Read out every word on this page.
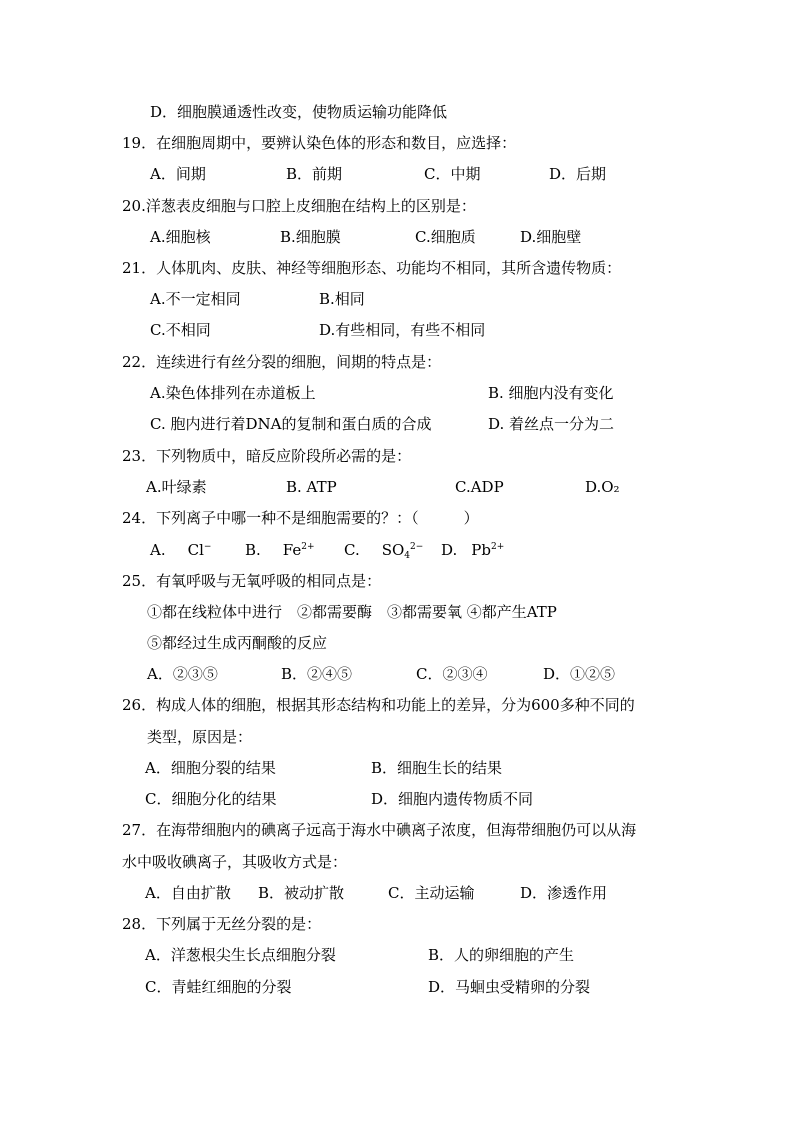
D．细胞膜通透性改变，使物质运输功能降低
19．在细胞周期中，要辨认染色体的形态和数目，应选择：
A．间期	B．前期	C．中期	D．后期
20.洋葱表皮细胞与口腔上皮细胞在结构上的区别是：
A.细胞核	B.细胞膜	C.细胞质	D.细胞壁
21．人体肌肉、皮肤、神经等细胞形态、功能均不相同，其所含遗传物质：
A.不一定相同	B.相同
C.不相同	D.有些相同，有些不相同
22．连续进行有丝分裂的细胞，间期的特点是：
A.染色体排列在赤道板上	B. 细胞内没有变化
C. 胞内进行着DNA的复制和蛋白质的合成	D. 着丝点一分为二
23．下列物质中，暗反应阶段所必需的是：
A.叶绿素	B. ATP	C.ADP	D.O₂
24．下列离子中哪一种不是细胞需要的？：（　　　）
A. Cl− B. $Fe^{2+}$ C. $SO_4^{2-}$ D. $Pb^{2+}$
25．有氧呼吸与无氧呼吸的相同点是：
①都在线粒体中进行　②都需要酶　③都需要氧 ④都产生ATP
⑤都经过生成丙酮酸的反应
A．②③⑤	B．②④⑤	C．②③④	D．①②⑤
26．构成人体的细胞，根据其形态结构和功能上的差异，分为600多种不同的
类型，原因是：
A．细胞分裂的结果	B．细胞生长的结果
C．细胞分化的结果	D．细胞内遗传物质不同
27．在海带细胞内的碘离子远高于海水中碘离子浓度，但海带细胞仍可以从海
水中吸收碘离子，其吸收方式是：
A．自由扩散 B．被动扩散	C．主动运输	D．渗透作用
28．下列属于无丝分裂的是：
A．洋葱根尖生长点细胞分裂	B．人的卵细胞的产生
C．青蛙红细胞的分裂	D．马蛔虫受精卵的分裂
